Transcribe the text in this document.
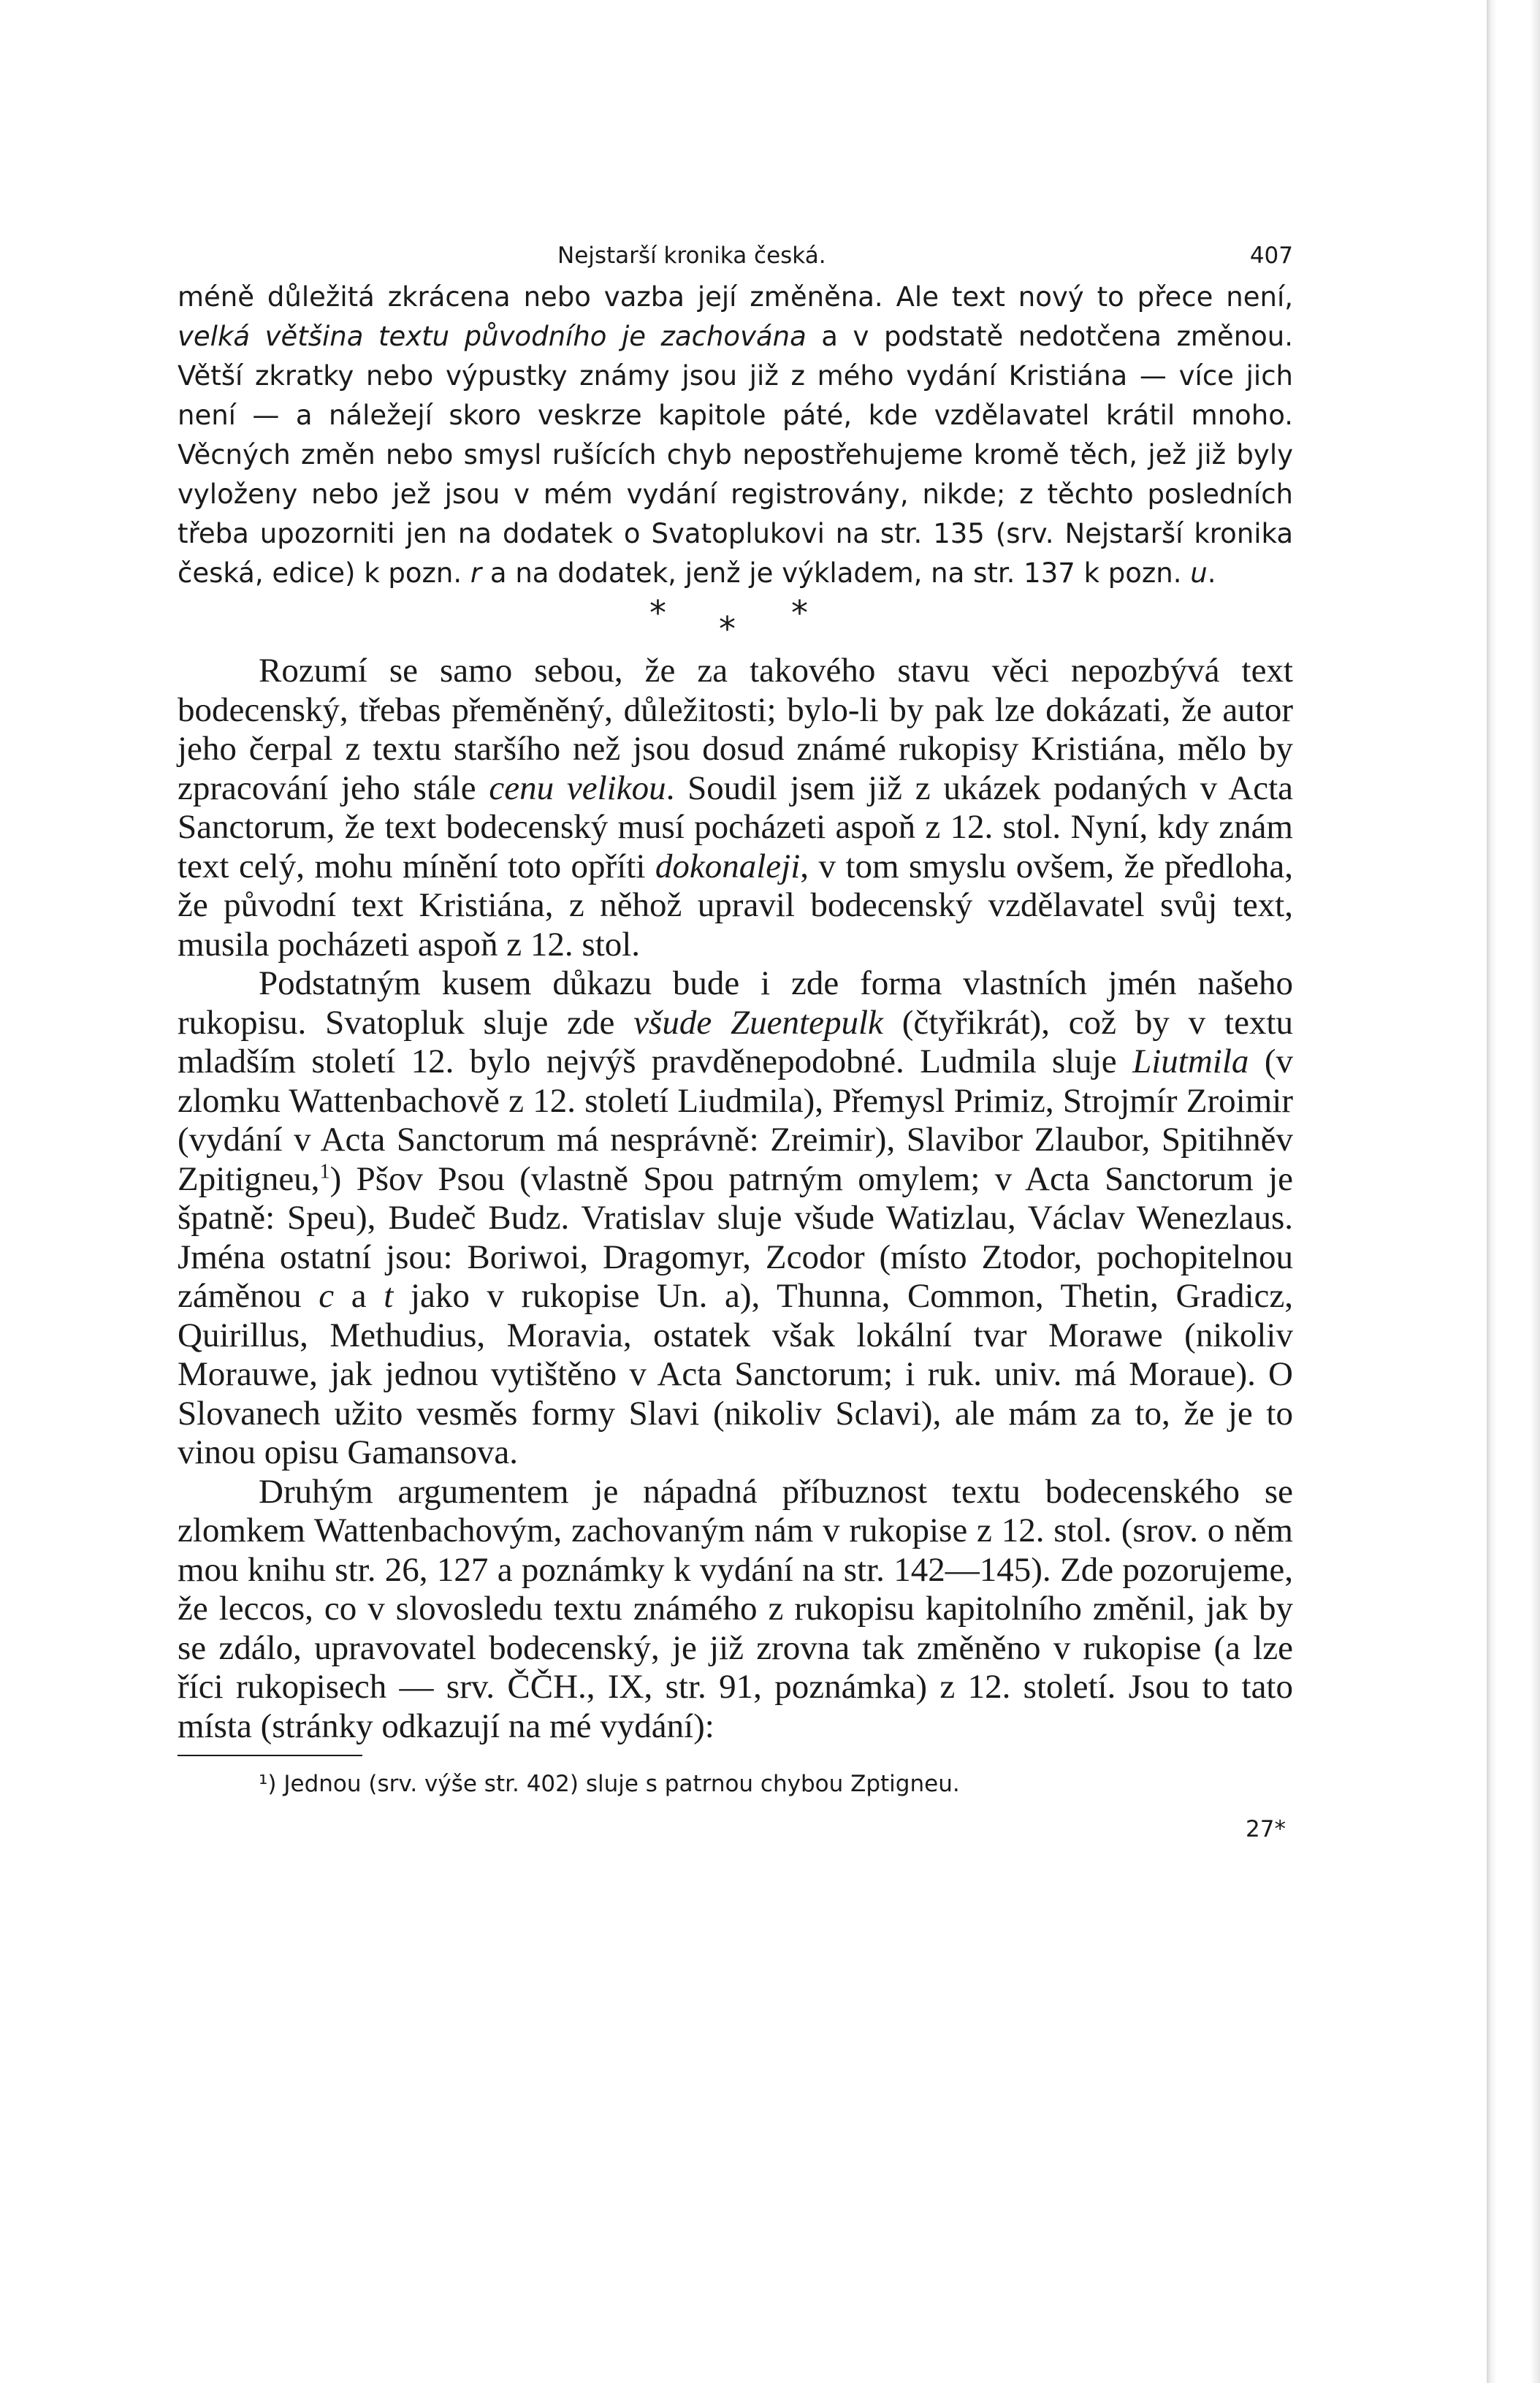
Nejstarší kronika česká.	407

méně důležitá zkrácena nebo vazba její změněna. Ale text nový to přece není, velká většina textu původního je zachována a v podstatě nedotčena změnou. Větší zkratky nebo výpustky známy jsou již z mého vydání Kristiána — více jich není — a náležejí skoro veskrze kapitole páté, kde vzdělavatel krátil mnoho. Věcných změn nebo smysl rušících chyb nepostřehujeme kromě těch, jež již byly vyloženy nebo jež jsou v mém vydání registrovány, nikde; z těchto posledních třeba upozorniti jen na dodatek o Svatoplukovi na str. 135 (srv. Nejstarší kronika česká, edice) k pozn. r a na dodatek, jenž je výkladem, na str. 137 k pozn. u.

* * *

Rozumí se samo sebou, že za takového stavu věci nepozbývá text bodecenský, třebas přeměněný, důležitosti; bylo-li by pak lze dokázati, že autor jeho čerpal z textu staršího než jsou dosud známé rukopisy Kristiána, mělo by zpracování jeho stále cenu velikou. Soudil jsem již z ukázek podaných v Acta Sanctorum, že text bodecenský musí pocházeti aspoň z 12. stol. Nyní, kdy znám text celý, mohu mínění toto opříti dokonaleji, v tom smyslu ovšem, že předloha, že původní text Kristiána, z něhož upravil bodecenský vzdělavatel svůj text, musila pocházeti aspoň z 12. stol.

Podstatným kusem důkazu bude i zde forma vlastních jmén našeho rukopisu. Svatopluk sluje zde všude Zuentepulk (čtyřikrát), což by v textu mladším století 12. bylo nejvýš pravděnepodobné. Ludmila sluje Liutmila (v zlomku Wattenbachově z 12. století Liudmila), Přemysl Primiz, Strojmír Zroimir (vydání v Acta Sanctorum má nesprávně: Zreimir), Slavibor Zlaubor, Spitihněv Zpitigneu,$^1$) Pšov Psou (vlastně Spou patrným omylem; v Acta Sanctorum je špatně: Speu), Budeč Budz. Vratislav sluje všude Watizlau, Václav Wenezlaus. Jména ostatní jsou: Boriwoi, Dragomyr, Zcodor (místo Ztodor, pochopitelnou záměnou c a t jako v rukopise Un. a), Thunna, Common, Thetin, Gradicz, Quirillus, Methudius, Moravia, ostatek však lokální tvar Morawe (nikoliv Morauwe, jak jednou vytištěno v Acta Sanctorum; i ruk. univ. má Moraue). O Slovanech užito vesměs formy Slavi (nikoliv Sclavi), ale mám za to, že je to vinou opisu Gamansova.

Druhým argumentem je nápadná příbuznost textu bodecenského se zlomkem Wattenbachovým, zachovaným nám v rukopise z 12. stol. (srov. o něm mou knihu str. 26, 127 a poznámky k vydání na str. 142—145). Zde pozorujeme, že leccos, co v slovosledu textu známého z rukopisu kapitolního změnil, jak by se zdálo, upravovatel bodecenský, je již zrovna tak změněno v rukopise (a lze říci rukopisech — srv. ČČH., IX, str. 91, poznámka) z 12. století. Jsou to tato místa (stránky odkazují na mé vydání):

¹) Jednou (srv. výše str. 402) sluje s patrnou chybou Zptigneu.
27*
